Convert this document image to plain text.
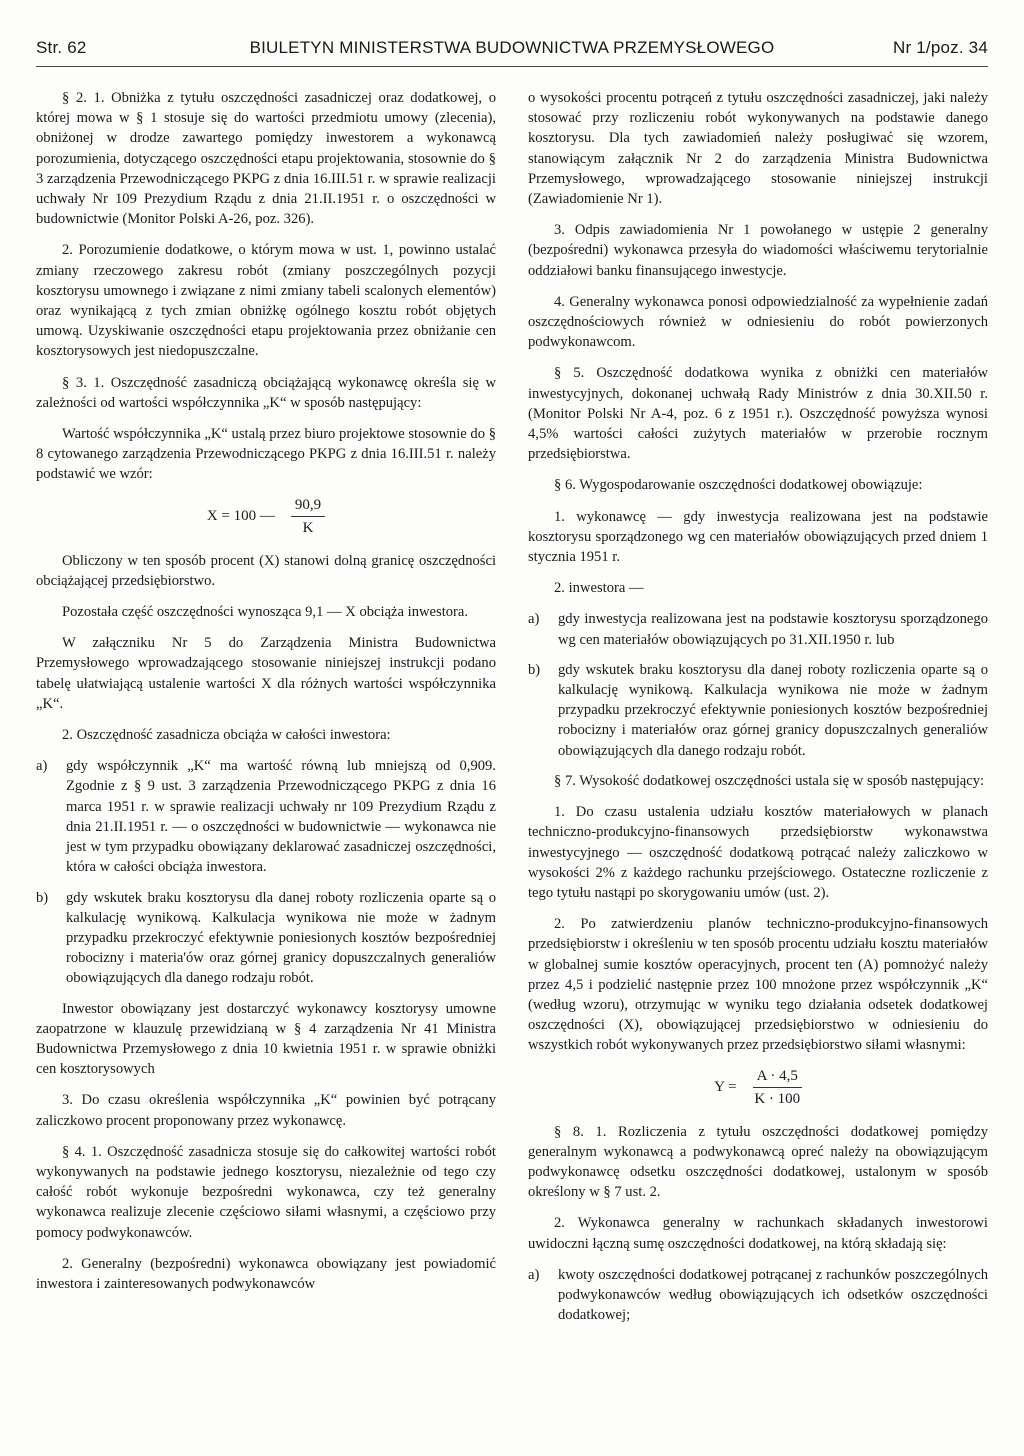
Str. 62	BIULETYN MINISTERSTWA BUDOWNICTWA PRZEMYSŁOWEGO	Nr 1/poz. 34

§ 2. 1. Obniżka z tytułu oszczędności zasadniczej oraz dodatkowej, o której mowa w § 1 stosuje się do wartości przedmiotu umowy (zlecenia), obniżonej w drodze zawartego pomiędzy inwestorem a wykonawcą porozumienia, dotyczącego oszczędności etapu projektowania, stosownie do § 3 zarządzenia Przewodniczącego PKPG z dnia 16.III.51 r. w sprawie realizacji uchwały Nr 109 Prezydium Rządu z dnia 21.II.1951 r. o oszczędności w budownictwie (Monitor Polski A-26, poz. 326).

2. Porozumienie dodatkowe, o którym mowa w ust. 1, powinno ustalać zmiany rzeczowego zakresu robót (zmiany poszczególnych pozycji kosztorysu umownego i związane z nimi zmiany tabeli scalonych elementów) oraz wynikającą z tych zmian obniżkę ogólnego kosztu robót objętych umową. Uzyskiwanie oszczędności etapu projektowania przez obniżanie cen kosztorysowych jest niedopuszczalne.

§ 3. 1. Oszczędność zasadniczą obciążającą wykonawcę określa się w zależności od wartości współczynnika „K“ w sposób następujący:

Wartość współczynnika „K“ ustalą przez biuro projektowe stosownie do § 8 cytowanego zarządzenia Przewodniczącego PKPG z dnia 16.III.51 r. należy podstawić we wzór:

X = 100 — $\frac{90,9}{K}$

Obliczony w ten sposób procent (X) stanowi dolną granicę oszczędności obciążającej przedsiębiorstwo.

Pozostała część oszczędności wynosząca 9,1 — X obciąża inwestora.

W załączniku Nr 5 do Zarządzenia Ministra Budownictwa Przemysłowego wprowadzającego stosowanie niniejszej instrukcji podano tabelę ułatwiającą ustalenie wartości X dla różnych wartości współczynnika „K“.

2. Oszczędność zasadnicza obciąża w całości inwestora:

a)	gdy współczynnik „K“ ma wartość równą lub mniejszą od 0,909. Zgodnie z § 9 ust. 3 zarządzenia Przewodniczącego PKPG z dnia 16 marca 1951 r. w sprawie realizacji uchwały nr 109 Prezydium Rządu z dnia 21.II.1951 r. — o oszczędności w budownictwie — wykonawca nie jest w tym przypadku obowiązany deklarować zasadniczej oszczędności, która w całości obciąża inwestora.
b)	gdy wskutek braku kosztorysu dla danej roboty rozliczenia oparte są o kalkulację wynikową. Kalkulacja wynikowa nie może w żadnym przypadku przekroczyć efektywnie poniesionych kosztów bezpośredniej robocizny i materia'ów oraz górnej granicy dopuszczalnych generaliów obowiązujących dla danego rodzaju robót.

Inwestor obowiązany jest dostarczyć wykonawcy kosztorysy umowne zaopatrzone w klauzulę przewidzianą w § 4 zarządzenia Nr 41 Ministra Budownictwa Przemysłowego z dnia 10 kwietnia 1951 r. w sprawie obniżki cen kosztorysowych

3. Do czasu określenia współczynnika „K“ powinien być potrącany zaliczkowo procent proponowany przez wykonawcę.

§ 4. 1. Oszczędność zasadnicza stosuje się do całkowitej wartości robót wykonywanych na podstawie jednego kosztorysu, niezależnie od tego czy całość robót wykonuje bezpośredni wykonawca, czy też generalny wykonawca realizuje zlecenie częściowo siłami własnymi, a częściowo przy pomocy podwykonawców.

2. Generalny (bezpośredni) wykonawca obowiązany jest powiadomić inwestora i zainteresowanych podwykonawców

o wysokości procentu potrąceń z tytułu oszczędności zasadniczej, jaki należy stosować przy rozliczeniu robót wykonywanych na podstawie danego kosztorysu. Dla tych zawiadomień należy posługiwać się wzorem, stanowiącym załącznik Nr 2 do zarządzenia Ministra Budownictwa Przemysłowego, wprowadzającego stosowanie niniejszej instrukcji (Zawiadomienie Nr 1).

3. Odpis zawiadomienia Nr 1 powołanego w ustępie 2 generalny (bezpośredni) wykonawca przesyła do wiadomości właściwemu terytorialnie oddziałowi banku finansującego inwestycje.

4. Generalny wykonawca ponosi odpowiedzialność za wypełnienie zadań oszczędnościowych również w odniesieniu do robót powierzonych podwykonawcom.

§ 5. Oszczędność dodatkowa wynika z obniżki cen materiałów inwestycyjnych, dokonanej uchwałą Rady Ministrów z dnia 30.XII.50 r. (Monitor Polski Nr A-4, poz. 6 z 1951 r.). Oszczędność powyższa wynosi 4,5% wartości całości zużytych materiałów w przerobie rocznym przedsiębiorstwa.

§ 6. Wygospodarowanie oszczędności dodatkowej obowiązuje:

1. wykonawcę — gdy inwestycja realizowana jest na podstawie kosztorysu sporządzonego wg cen materiałów obowiązujących przed dniem 1 stycznia 1951 r.

2. inwestora —

a)	gdy inwestycja realizowana jest na podstawie kosztorysu sporządzonego wg cen materiałów obowiązujących po 31.XII.1950 r. lub
b)	gdy wskutek braku kosztorysu dla danej roboty rozliczenia oparte są o kalkulację wynikową. Kalkulacja wynikowa nie może w żadnym przypadku przekroczyć efektywnie poniesionych kosztów bezpośredniej robocizny i materiałów oraz górnej granicy dopuszczalnych generaliów obowiązujących dla danego rodzaju robót.

§ 7. Wysokość dodatkowej oszczędności ustala się w sposób następujący:

1. Do czasu ustalenia udziału kosztów materiałowych w planach techniczno-produkcyjno-finansowych przedsiębiorstw wykonawstwa inwestycyjnego — oszczędność dodatkową potrącać należy zaliczkowo w wysokości 2% z każdego rachunku przejściowego. Ostateczne rozliczenie z tego tytułu nastąpi po skorygowaniu umów (ust. 2).

2. Po zatwierdzeniu planów techniczno-produkcyjno-finansowych przedsiębiorstw i określeniu w ten sposób procentu udziału kosztu materiałów w globalnej sumie kosztów operacyjnych, procent ten (A) pomnożyć należy przez 4,5 i podzielić następnie przez 100 mnożone przez współczynnik „K“ (według wzoru), otrzymując w wyniku tego działania odsetek dodatkowej oszczędności (X), obowiązującej przedsiębiorstwo w odniesieniu do wszystkich robót wykonywanych przez przedsiębiorstwo siłami własnymi:

$Y = \frac{A \cdot 4,5}{K \cdot 100}$

§ 8. 1. Rozliczenia z tytułu oszczędności dodatkowej pomiędzy generalnym wykonawcą a podwykonawcą opreć należy na obowiązującym podwykonawcę odsetku oszczędności dodatkowej, ustalonym w sposób określony w § 7 ust. 2.

2. Wykonawca generalny w rachunkach składanych inwestorowi uwidoczni łączną sumę oszczędności dodatkowej, na którą składają się:

a)	kwoty oszczędności dodatkowej potrącanej z rachunków poszczególnych podwykonawców według obowiązujących ich odsetków oszczędności dodatkowej;
